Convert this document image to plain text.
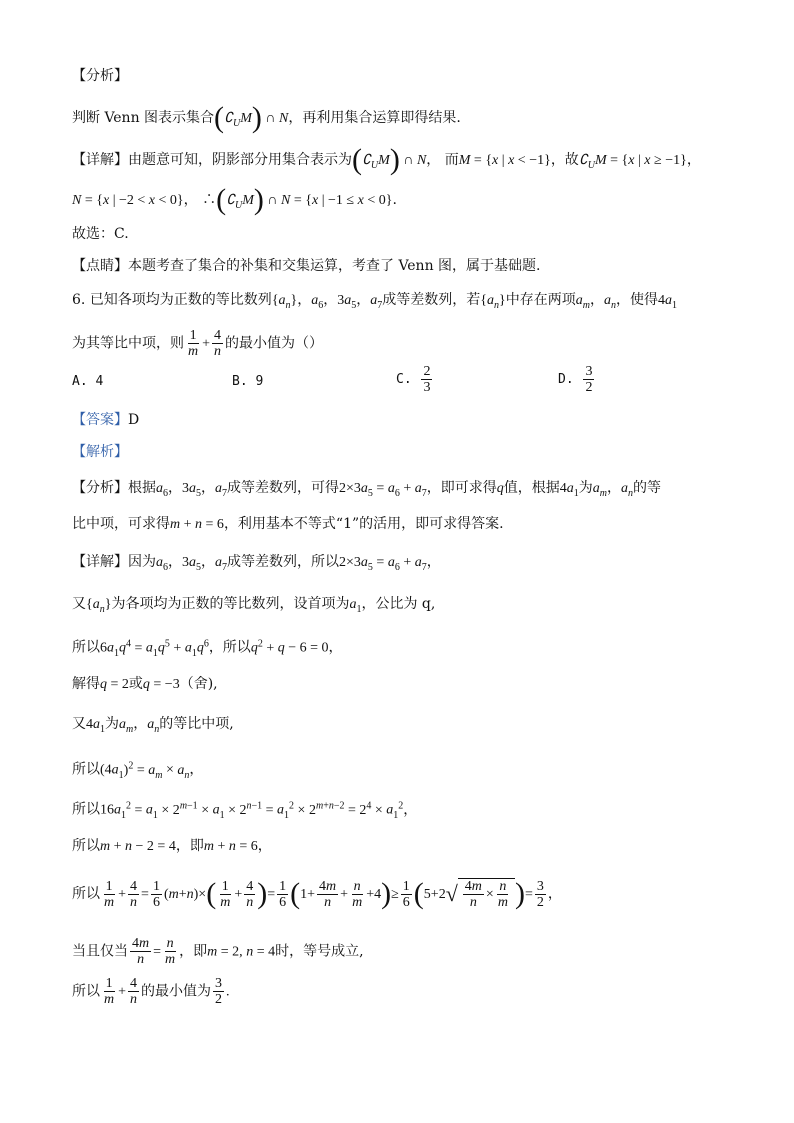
【分析】
判断 Venn 图表示集合$(∁_UM)$ ∩ N，再利用集合运算即得结果.
【详解】由题意可知，阴影部分用集合表示为$(∁_UM)$ ∩ N， 而M = {x | x < −1}，故$∁_UM = \{x$ | x ≥ −1}，
N = {x | −2 < x < 0}， $\therefore(∁_UM)$ ∩ N = {x | −1 ≤ x < 0}.
故选：C.
【点睛】本题考查了集合的补集和交集运算，考查了 Venn 图，属于基础题.
6. 已知各项均为正数的等比数列$\{a_n\}$，$a_6$，$3a_5$，$a_7$成等差数列，若$\{a_n\}$中存在两项$a_m$，$a_n$，使得$4a_1$
为其等比中项，则 $\frac{1}{m} + \frac{4}{n}$ 的最小值为（）
A. 4	B. 9	C. $\frac{2}{3}$	D. $\frac{3}{2}$
【答案】D
【解析】
【分析】根据$a_6$，$3a_5$，$a_7$成等差数列，可得$2\times 3a_5 = a_6 + a_7$，即可求得q值，根据$4a_1$为$a_m$，$a_n$的等
比中项，可求得m + n = 6，利用基本不等式“1”的活用，即可求得答案.
【详解】因为$a_6$，$3a_5$，$a_7$成等差数列，所以$2\times 3a_5 = a_6 + a_7$，
又$\{a_n\}$为各项均为正数的等比数列，设首项为$a_1$，公比为 q,
所以$6a_1q^4 = a_1q^5 + a_1q^6$，所以$q^2 + q - 6 = 0$，
解得q = 2或q = −3（舍),
又$4a_1$为$a_m$，$a_n$的等比中项,
所以$(4a_1)^2 = a_m \times a_n$，
所以$16a_1^2 = a_1 \times 2^{m-1} \times a_1 \times 2^{n-1} = a_1^2 \times 2^{m+n-2} = 2^4 \times a_1^2$，
所以m + n − 2 = 4，即m + n = 6，
所以 $\frac{1}{m} + \frac{4}{n} = \frac{1}{6} (m+n)\times( \frac{1}{m} + \frac{4}{n}$ )= $\frac{1}{6} (1+ \frac{4m}{n} + \frac{n}{m} +4)\ge \frac{1}{6} (5+2$ √ $\frac{4m}{n} \times \frac{n}{m}$ )= $\frac{3}{2}$ ，
当且仅当 $\frac{4m}{n} = \frac{n}{m}$ ，即m = 2, n = 4时，等号成立,
所以 $\frac{1}{m} + \frac{4}{n}$ 的最小值为 $\frac{3}{2}$ .
